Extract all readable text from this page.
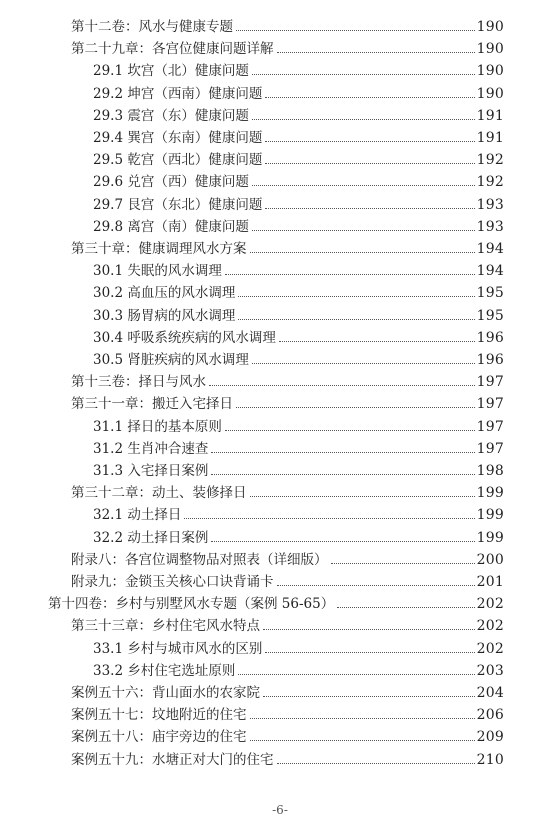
第十二卷：风水与健康专题	190
第二十九章：各宫位健康问题详解	190
29.1 坎宫（北）健康问题	190
29.2 坤宫（西南）健康问题	190
29.3 震宫（东）健康问题	191
29.4 巽宫（东南）健康问题	191
29.5 乾宫（西北）健康问题	192
29.6 兑宫（西）健康问题	192
29.7 艮宫（东北）健康问题	193
29.8 离宫（南）健康问题	193
第三十章：健康调理风水方案	194
30.1 失眠的风水调理	194
30.2 高血压的风水调理	195
30.3 肠胃病的风水调理	195
30.4 呼吸系统疾病的风水调理	196
30.5 肾脏疾病的风水调理	196
第十三卷：择日与风水	197
第三十一章：搬迁入宅择日	197
31.1 择日的基本原则	197
31.2 生肖冲合速查	197
31.3 入宅择日案例	198
第三十二章：动土、装修择日	199
32.1 动土择日	199
32.2 动土择日案例	199
附录八：各宫位调整物品对照表（详细版）	200
附录九：金锁玉关核心口诀背诵卡	201
第十四卷：乡村与别墅风水专题（案例 56-65）	202
第三十三章：乡村住宅风水特点	202
33.1 乡村与城市风水的区别	202
33.2 乡村住宅选址原则	203
案例五十六：背山面水的农家院	204
案例五十七：坟地附近的住宅	206
案例五十八：庙宇旁边的住宅	209
案例五十九：水塘正对大门的住宅	210
-6-
